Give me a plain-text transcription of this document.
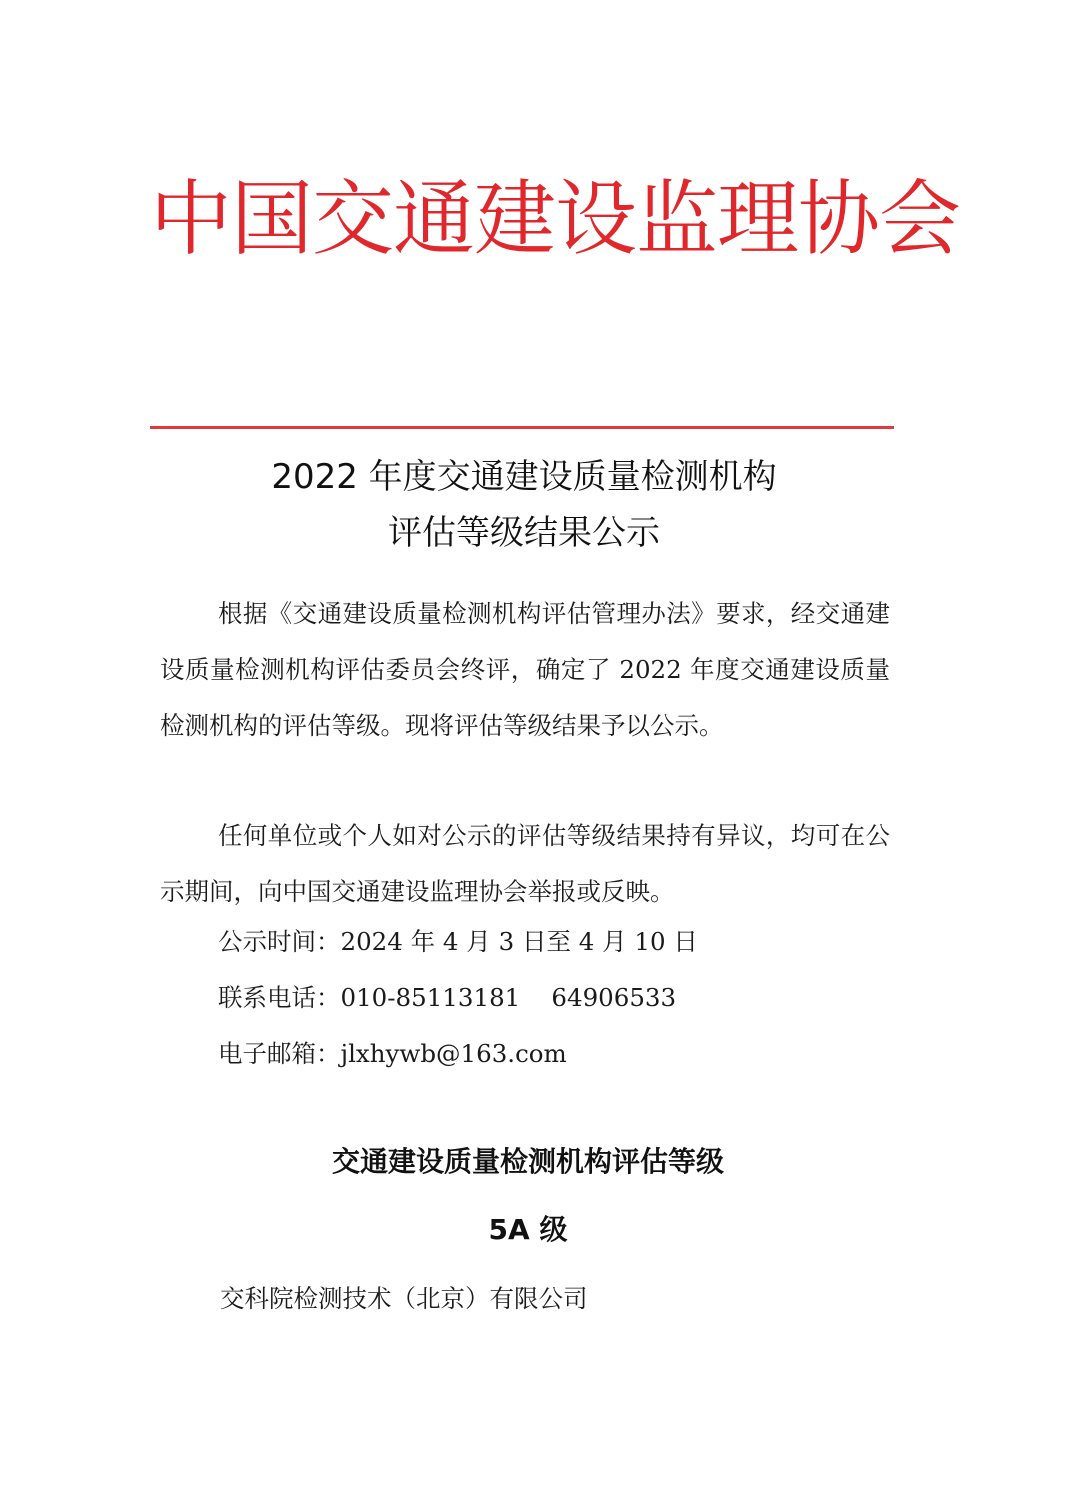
中国交通建设监理协会
2022 年度交通建设质量检测机构
评估等级结果公示
根据《交通建设质量检测机构评估管理办法》要求，经交通建设质量检测机构评估委员会终评，确定了 2022 年度交通建设质量检测机构的评估等级。现将评估等级结果予以公示。
任何单位或个人如对公示的评估等级结果持有异议，均可在公示期间，向中国交通建设监理协会举报或反映。
公示时间：2024 年 4 月 3 日至 4 月 10 日
联系电话：010-85113181    64906533
电子邮箱：jlxhywb@163.com
交通建设质量检测机构评估等级
5A 级
交科院检测技术（北京）有限公司
